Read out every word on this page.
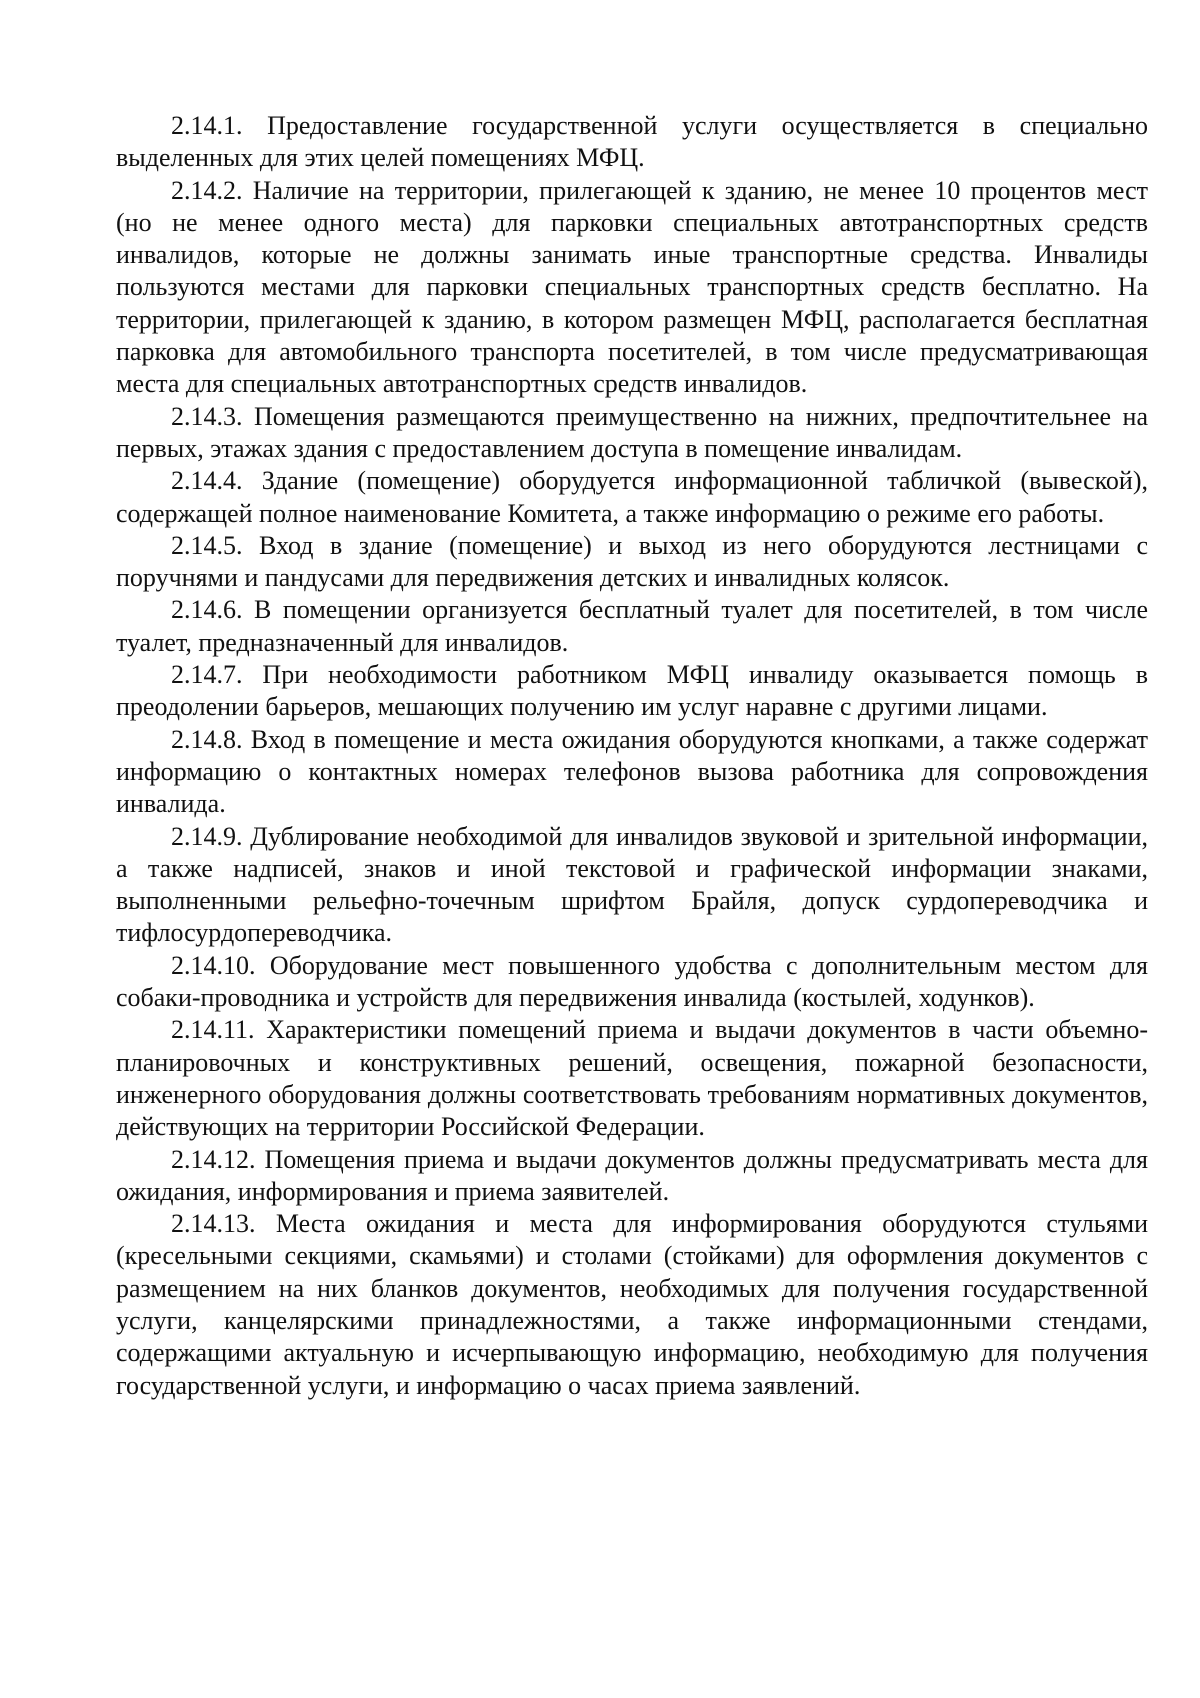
2.14.1. Предоставление государственной услуги осуществляется в специально выделенных для этих целей помещениях МФЦ.

2.14.2. Наличие на территории, прилегающей к зданию, не менее 10 процентов мест (но не менее одного места) для парковки специальных автотранспортных средств инвалидов, которые не должны занимать иные транспортные средства. Инвалиды пользуются местами для парковки специальных транспортных средств бесплатно. На территории, прилегающей к зданию, в котором размещен МФЦ, располагается бесплатная парковка для автомобильного транспорта посетителей, в том числе предусматривающая места для специальных автотранспортных средств инвалидов.

2.14.3. Помещения размещаются преимущественно на нижних, предпочтительнее на первых, этажах здания с предоставлением доступа в помещение инвалидам.

2.14.4. Здание (помещение) оборудуется информационной табличкой (вывеской), содержащей полное наименование Комитета, а также информацию о режиме его работы.

2.14.5. Вход в здание (помещение) и выход из него оборудуются лестницами с поручнями и пандусами для передвижения детских и инвалидных колясок.

2.14.6. В помещении организуется бесплатный туалет для посетителей, в том числе туалет, предназначенный для инвалидов.

2.14.7. При необходимости работником МФЦ инвалиду оказывается помощь в преодолении барьеров, мешающих получению им услуг наравне с другими лицами.

2.14.8. Вход в помещение и места ожидания оборудуются кнопками, а также содержат информацию о контактных номерах телефонов вызова работника для сопровождения инвалида.

2.14.9. Дублирование необходимой для инвалидов звуковой и зрительной информации, а также надписей, знаков и иной текстовой и графической информации знаками, выполненными рельефно-точечным шрифтом Брайля, допуск сурдопереводчика и тифлосурдопереводчика.

2.14.10. Оборудование мест повышенного удобства с дополнительным местом для собаки-проводника и устройств для передвижения инвалида (костылей, ходунков).

2.14.11. Характеристики помещений приема и выдачи документов в части объемно-планировочных и конструктивных решений, освещения, пожарной безопасности, инженерного оборудования должны соответствовать требованиям нормативных документов, действующих на территории Российской Федерации.

2.14.12. Помещения приема и выдачи документов должны предусматривать места для ожидания, информирования и приема заявителей.

2.14.13. Места ожидания и места для информирования оборудуются стульями (кресельными секциями, скамьями) и столами (стойками) для оформления документов с размещением на них бланков документов, необходимых для получения государственной услуги, канцелярскими принадлежностями, а также информационными стендами, содержащими актуальную и исчерпывающую информацию, необходимую для получения государственной услуги, и информацию о часах приема заявлений.
